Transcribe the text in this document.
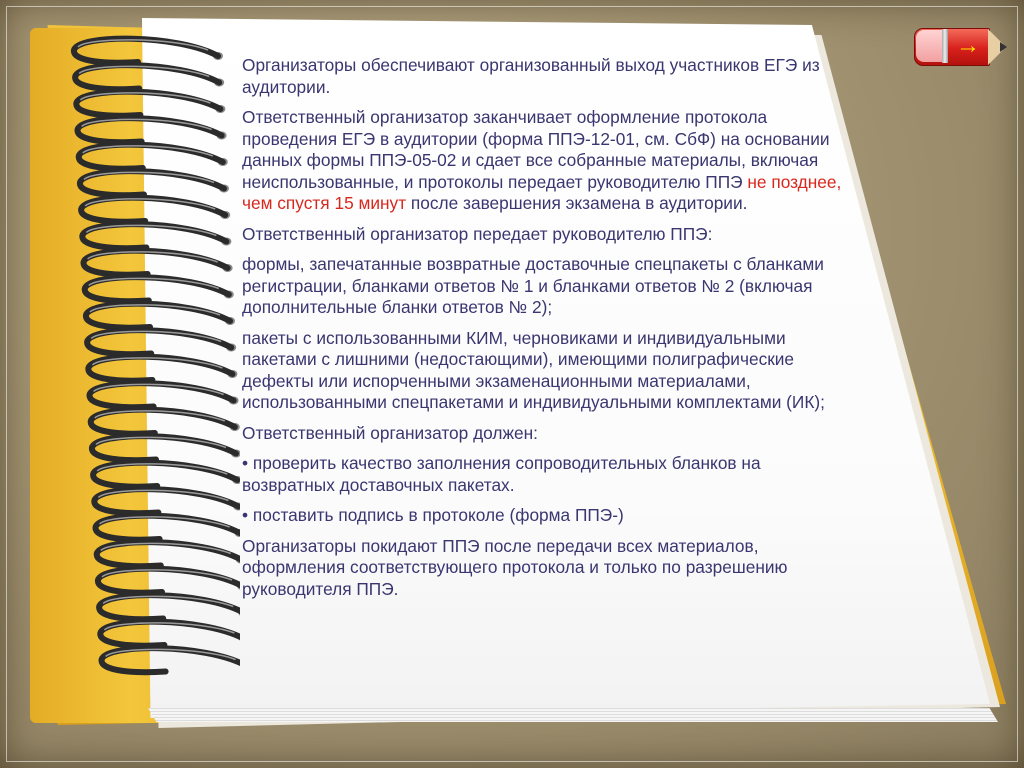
Организаторы обеспечивают организованный выход участников ЕГЭ из аудитории.

Ответственный организатор заканчивает оформление протокола проведения ЕГЭ в аудитории (форма ППЭ-12-01, см. СбФ) на основании данных формы ППЭ-05-02 и сдает все собранные материалы, включая неиспользованные, и протоколы передает руководителю ППЭ не позднее, чем спустя 15 минут после завершения экзамена в аудитории.

Ответственный организатор передает руководителю ППЭ:

формы, запечатанные возвратные доставочные спецпакеты с бланками регистрации, бланками ответов № 1 и бланками ответов № 2 (включая дополнительные бланки ответов № 2);

пакеты с использованными КИМ, черновиками и индивидуальными пакетами с лишними (недостающими), имеющими полиграфические дефекты или испорченными экзаменационными материалами, использованными спецпакетами и индивидуальными комплектами (ИК);

Ответственный организатор должен:

• проверить качество заполнения сопроводительных бланков на возвратных доставочных пакетах.

• поставить подпись в протоколе (форма ППЭ-)

Организаторы покидают ППЭ после передачи всех материалов, оформления соответствующего протокола и только по разрешению руководителя ППЭ.

→
